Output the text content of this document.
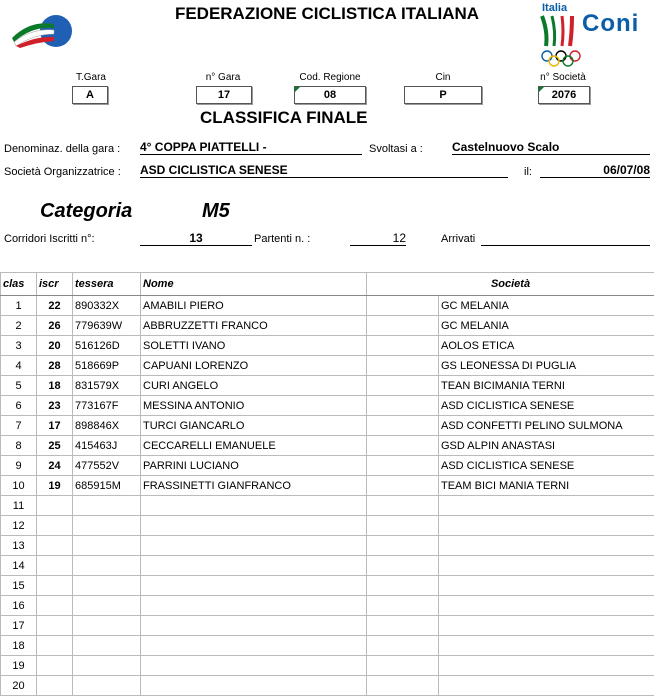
FEDERAZIONE CICLISTICA ITALIANA	Italia
Coni
T.Gara
A
n° Gara
17
Cod. Regione
08
Cin
P
n° Società
2076
CLASSIFICA FINALE
Denominaz. della gara : 4° COPPA PIATTELLI -	Svoltasi a : Castelnuovo Scalo
Società Organizzatrice : ASD CICLISTICA SENESE	il:	06/07/08
Categoria	M5
Corridori Iscritti n°:	13	Partenti n. :	12	Arrivati
clas	iscr	tessera	Nome	Società	
1	22	890332X	AMABILI PIERO		GC MELANIA
2	26	779639W	ABBRUZZETTI FRANCO		GC MELANIA
3	20	516126D	SOLETTI IVANO		AOLOS ETICA
4	28	518669P	CAPUANI LORENZO		GS LEONESSA DI PUGLIA
5	18	831579X	CURI ANGELO		TEAN BICIMANIA TERNI
6	23	773167F	MESSINA ANTONIO		ASD CICLISTICA SENESE
7	17	898846X	TURCI GIANCARLO		ASD CONFETTI PELINO SULMONA
8	25	415463J	CECCARELLI EMANUELE		GSD ALPIN ANASTASI
9	24	477552V	PARRINI LUCIANO		ASD CICLISTICA SENESE
10	19	685915M	FRASSINETTI GIANFRANCO		TEAM BICI MANIA TERNI
11					
12					
13					
14					
15					
16					
17					
18					
19					
20					
